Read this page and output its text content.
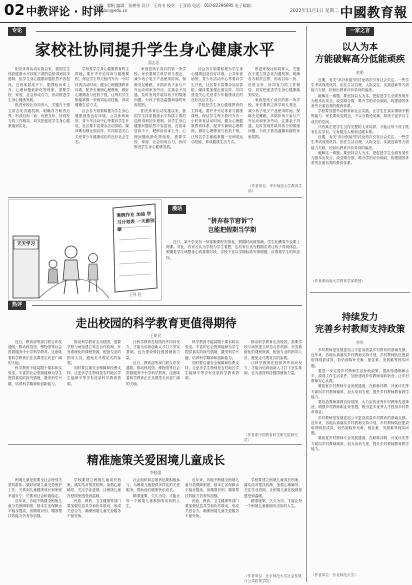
02 中教评论 · 时评
主编：翟帆 编辑：张树伟 设计：王尚书 校对：王亚琼 电话：010-82296695 电子邮箱：pinglun@edu.cn	2022年11月1日 星期二 中國教育報
专论
家校社协同提升学生身心健康水平
邵志忠

阳光体育运动实施以来，我国学生体质健康水平持续下滑的趋势得到初步遏制，但学生身心健康问题依然不容忽视。近视率居高不下、肥胖检出率上升、心理问题低龄化等现象，需要学校、家庭、社会形成合力，协同推进学生身心健康发展。

推进家校社协同育人，关键在于建立常态化沟通机制，明确各方职责边界，形成目标一致、优势互补、协同发力的工作格局，切实把促进学生身心健康落到实处。

学校是学生身心健康教育的主阵地。要开齐开足体育与健康课程，保证学生每天校内外各一小时体育活动时间，健全心理健康教育体系，配齐专兼职心理教师，做好心理筛查与危机干预，让每名学生都能掌握一至两项运动技能，养成健康生活方式。

社会各方面要积极为学生身心健康创造良好环境。公共体育场馆、青少年活动中心等要向学生开放，社区要丰富课余活动供给，媒体要加强正面宣传，共同营造关心关爱青少年健康成长的良好社会生态。

家庭是孩子成长的第一所学校。家长要树立科学育儿观念，减少孩子电子产品使用时间，保障充足睡眠，多陪伴孩子参与户外运动和家务劳动，注重亲子沟通，及时发现并疏导孩子的情绪问题，为孩子营造温馨和谐的家庭氛围。

阳光体育运动实施以来，我国学生体质健康水平持续下滑的趋势得到初步遏制，但学生身心健康问题依然不容忽视。近视率居高不下、肥胖检出率上升、心理问题低龄化等现象，需要学校、家庭、社会形成合力，协同推进学生身心健康发展。

社会各方面要积极为学生身心健康创造良好环境。公共体育场馆、青少年活动中心等要向学生开放，社区要丰富课余活动供给，媒体要加强正面宣传，共同营造关心关爱青少年健康成长的良好社会生态。

学校是学生身心健康教育的主阵地。要开齐开足体育与健康课程，保证学生每天校内外各一小时体育活动时间，健全心理健康教育体系，配齐专兼职心理教师，做好心理筛查与危机干预，让每名学生都能掌握一至两项运动技能，养成健康生活方式。

推进家校社协同育人，关键在于建立常态化沟通机制，明确各方职责边界，形成目标一致、优势互补、协同发力的工作格局，切实把促进学生身心健康落到实处。

家庭是孩子成长的第一所学校。家长要树立科学育儿观念，减少孩子电子产品使用时间，保障充足睡眠，多陪伴孩子参与户外运动和家务劳动，注重亲子沟通，及时发现并疏导孩子的情绪问题，为孩子营造温馨和谐的家庭氛围。

（作者单位：华东师范大学教育学部）
天天学习
寒假作业 加油 学习计划表 一天都别歇
王铎 绘
漫话
"拼弃春节窘诉"？
岂能把假期当学期

近日，某中学发布一份寒假课程安排表，假期时间被排满，学生吐槽春节也要上网课。对此，有家长认为学校为学生着想，也有家长认为假期应该让孩子得到休息。假期是学生调整身心的重要时段，学校不宜以学期标准安排假期，应尊重学生的休息权。

热评
走出校园的科学教育更值得期待
王新民

近日，教育部等部门联合印发通知，推动科技馆、博物馆等社会资源服务中小学科学教育。这意味着科学教育正在从课堂走向更广阔的天地。

科学教育不能局限于课本和实验室。丰富的社会资源能够为学生提供真实的探究情境，激发科学兴趣，培养科学精神和创新能力。

推动科学教育走出校园，需要学校与场馆建立常态合作机制，开发系统化的课程资源，配备专业的指导人员，避免走马观花式的参观。

同时要注重安全保障和经费支持，让更多学生特别是农村地区学生能够平等享有优质科学教育资源。

让科学教育在校园内外同向发力，才能为培养创新人才打下坚实基础，也为建设科技强国储备力量。

近日，教育部等部门联合印发通知，推动科技馆、博物馆等社会资源服务中小学科学教育。这意味着科学教育正在从课堂走向更广阔的天地。

科学教育不能局限于课本和实验室。丰富的社会资源能够为学生提供真实的探究情境，激发科学兴趣，培养科学精神和创新能力。

同时要注重安全保障和经费支持，让更多学生特别是农村地区学生能够平等享有优质科学教育资源。

推动科学教育走出校园，需要学校与场馆建立常态合作机制，开发系统化的课程资源，配备专业的指导人员，避免走马观花式的参观。

让科学教育在校园内外同向发力，才能为培养创新人才打下坚实基础，也为建设科技强国储备力量。

（作者系中国教育科学研究院研究员）
精准施策关爱困境儿童成长
李晓蕾

困境儿童是需要全社会特别关爱的群体。做好困境儿童关爱保护工作，关系到儿童健康成长和家庭幸福安宁，关系到社会和谐稳定。

近年来，各地不断健全困境儿童分类保障制度，基本生活保障水平稳步提高，但精准识别、精准帮扶的能力仍有待加强。

学校要建立困境儿童成长档案，落实结对帮扶机制，加强心理辅导，关注学业进展，让困境儿童在校园里感受到温暖。

民政、教育、卫生健康等部门要加强信息共享和协作联动，形成关爱合力，确保困境儿童关爱服务不留死角。

社会组织和志愿者也要积极参与，为困境儿童提供多样化的关爱服务，帮助他们健康快乐成长。

精准施策、久久为功，才能让每一个困境儿童都拥有出彩的人生。

近年来，各地不断健全困境儿童分类保障制度，基本生活保障水平稳步提高，但精准识别、精准帮扶的能力仍有待加强。

民政、教育、卫生健康等部门要加强信息共享和协作联动，形成关爱合力，确保困境儿童关爱服务不留死角。

学校要建立困境儿童成长档案，落实结对帮扶机制，加强心理辅导，关注学业进展，让困境儿童在校园里感受到温暖。

精准施策、久久为功，才能让每一个困境儿童都拥有出彩的人生。

（作者单位：北京师范大学社会发展与公共政策学院）
一家之言
以人为本
方能破解高分低能顽疾
赵明

近期，有关"高分低能"的讨论再次引发社会关注。一些学生考试成绩优异，但在生活自理、人际交往、实践创新等方面能力欠缺，折射出教育评价导向的偏差。

破解这一难题，要坚持以人为本，把促进学生全面发展作为根本出发点，改变唯分数、唯升学的评价倾向，构建德智体美劳全面培养的教育体系。

学校要加强劳动教育和社会实践，让学生在真实情境中锻炼能力；家长要转变观念，不以分数论英雄，给孩子更多自主成长的空间。

只有真正把学生当作完整的人来培养，才能让每个孩子既有扎实学识，又有健全人格和过硬本领。

近期，有关"高分低能"的讨论再次引发社会关注。一些学生考试成绩优异，但在生活自理、人际交往、实践创新等方面能力欠缺，折射出教育评价导向的偏差。

破解这一难题，要坚持以人为本，把促进学生全面发展作为根本出发点，改变唯分数、唯升学的评价倾向，构建德智体美劳全面培养的教育体系。

（作者系西南大学教育学部教授）
持续发力
完善乡村教师支持政策
李华

乡村教师是发展更加公平更高质量乡村教育的基础支撑。近年来，各地认真落实乡村教师支持计划，乡村教师队伍建设取得明显成效，但仍面临补充难、留住难、发展难等现实问题。

要进一步完善乡村教师生活补助政策，提高待遇保障水平，改善工作生活条件，加快建设乡村教师周转宿舍，让乡村教师安心从教。

要拓宽乡村教师专业发展通道，在职称评聘、评优评先等方面向乡村教师倾斜，加大培训力度，提升乡村教师教育教学能力。

要营造尊师重教良好氛围，大力宣传优秀乡村教师先进事迹，增强乡村教师职业荣誉感，吸引更多优秀人才投身乡村教育事业。

乡村教师是发展更加公平更高质量乡村教育的基础支撑。近年来，各地认真落实乡村教师支持计划，乡村教师队伍建设取得明显成效，但仍面临补充难、留住难、发展难等现实问题。

要拓宽乡村教师专业发展通道，在职称评聘、评优评先等方面向乡村教师倾斜，加大培训力度，提升乡村教师教育教学能力。

（作者单位：东北师范大学）
